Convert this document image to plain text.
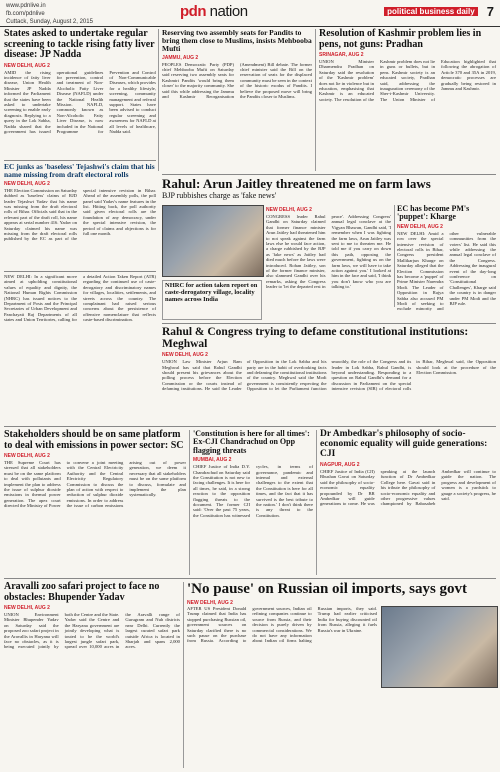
www.pdnlive.in
fb.com/pdnlive
Cuttack, Sunday, August 2, 2015
pdn nation	political business daily 7
States asked to undertake regular screening to tackle rising fatty liver disease: JP Nadda
NEW DELHI, AUG 2

AMID the rising incidence of fatty liver disease, Union Health Minister JP Nadda informed the Parliament that the states have been asked to undertake screening to enable early diagnosis. Replying to a query in the Lok Sabha, Nadda shared that the government has issued operational guidelines for prevention, control and treatment of Non-Alcoholic Fatty Liver Disease (NAFLD) under the National Health Mission. NAFLD, commonly known as Non-Alcoholic Fatty Liver Disease, is now included in the National Programme for Prevention and Control of Non-Communicable Diseases, which provides for a healthy lifestyle, screening, community management and referral support. States have been advised to conduct regular screening and awareness for NAFLD at all levels of healthcare, Nadda said.

Reserving two assembly seats for Pandits to bring them close to Muslims, insists Mehbooba Mufti
JAMMU, AUG 2

PEOPLES Democratic Party (PDP) chief Mehbooba Mufti on Saturday said reserving two assembly seats for Kashmiri Pandits 'would bring them closer' to the majority community. She said this while addressing the Jammu and Kashmir Reorganisation (Amendment) Bill debate. The former chief minister said the Bill on the reservation of seats for the displaced community must be seen in the context of the historic exodus of Pandits. I believe the proposed move will bring the Pandits closer to Muslims.

Resolution of Kashmir problem lies in pens, not guns: Pradhan
SRINAGAR, AUG 2

UNION Minister Dharmendra Pradhan on Saturday said the resolution of the 'Kashmir problem' does not lie in violence but in education, emphasising that Kashmir is an educated society. The resolution of the Kashmir problem does not lie in guns or bullets, but in pens. Kashmir society is an educated society, Pradhan said, addressing the inauguration ceremony of the Sher-i-Kashmir University. The Union Minister of Education highlighted that following the abrogation of Article 370 and 35A in 2019, democratic processes are gradually being restored in Jammu and Kashmir.

EC junks as 'baseless' Tejashwi's claim that his name missing from draft electoral rolls
NEW DELHI, AUG 2

THE Election Commission on Saturday dubbed as 'baseless' claims of RJD leader Tejashwi Yadav that his name was missing from the draft electoral rolls of Bihar. Officials said that in the relevant part of the draft roll, his name appears at serial number 416. Yadav on Saturday claimed his name was missing from the draft electoral rolls published by the EC as part of the special intensive revision in Bihar. Ahead of the assembly polls, the poll panel said Yadav's name features in the list. Hitting back, the poll authority said given electoral rolls are the foundation of any democracy, under the special intensive revision, the period of claims and objections is for full one month.

Rahul: Arun Jaitley threatened me on farm laws
BJP rubbishes charge as 'fake news'
NEW DELHI, AUG 2

CONGRESS leader Rahul Gandhi on Saturday claimed that former finance minister Arun Jaitley had threatened him to not speak against the farm laws else he would face action, a charge rubbished by the BJP as 'fake news' as Jaitley had died much before the laws were introduced. Rohan Jaitley, son of the former finance minister, also slammed Gandhi over his remarks, asking the Congress leader to 'let the departed rest in peace'. Addressing Congress' annual legal conclave at the Vigyan Bhawan, Gandhi said, 'I remember when I was fighting the farm laws, Arun Jaitley was sent to me to threaten me. He told me if you carry on down this path, opposing the government, fighting us on the farm laws, we will have to take action against you.' I looked at him in the face and said, 'I think you don't know who you are talking to.'

EC has become PM's 'puppet': Kharge
NEW DELHI, AUG 2

NEW DELHI: Amid a row over the special intensive revision of electoral rolls in Bihar, Congress president Mallikarjun Kharge on Saturday alleged that the Election Commission has become a 'puppet' of Prime Minister Narendra Modi. The Leader of Opposition in Rajya Sabha also accused PM Modi of seeking to exclude minority and other vulnerable communities from the voters' list. He said this while addressing the annual legal conclave of the Congress. Addressing the inaugural event of the day-long conference on 'Constitutional Challenges', Kharge said the country is in danger under PM Modi and the BJP rule.

NHRC for action taken report on caste-derogatory village, locality names across India

NEW DELHI: In a significant move aimed at upholding constitutional values of equality and dignity, the National Human Rights Commission (NHRC) has issued notices to the Department of Posts and the Principal Secretaries of Urban Development and Panchayati Raj Departments of all states and Union Territories, calling for a detailed Action Taken Report (ATR) regarding the continued use of caste-derogatory and discriminatory names for villages, localities, settlements, and streets across the country. The complainant had raised serious concerns about the persistence of offensive nomenclature that reflects caste-based discrimination.

Rahul & Congress trying to defame constitutional institutions: Meghwal
NEW DELHI, AUG 2

UNION Law Minister Arjun Ram Meghwal has said that Rahul Gandhi should present his grievances about the polling process before the Election Commission or the courts instead of defaming institutions. He said the Leader of Opposition in the Lok Sabha and his party are in the habit of overlooking facts and defaming the constitutional institutions of the country. Meghwal said the Modi government is consistently respecting the Opposition to let the Parliament function smoothly, the role of the Congress and its leader in Lok Sabha, Rahul Gandhi, is beyond understanding. Responding to a question on Rahul Gandhi's demand for a discussion in Parliament on the special intensive revision (SIR) of electoral rolls in Bihar, Meghwal said, the Opposition should look at the procedure of the Election Commission.

Stakeholders should be on same platform to deal with emissions in power sector: SC
NEW DELHI, AUG 2

THE Supreme Court has stressed that all stakeholders must be on the same platform to deal with pollutants and implement the plan to address the issue of sulphur dioxide emissions in thermal power generation. The apex court directed the Ministry of Power to convene a joint meeting with the Central Electricity Authority and the Central Electricity Regulatory Commission to discuss the plan of action with respect to reduction of sulphur dioxide emissions. In order to address the issue of carbon emissions arising out of power generation, we deem it necessary that all stakeholders must be on the same platform to discuss, formulate and implement the plan systematically.

'Constitution is here for all times': Ex-CJI Chandrachud on Opp flagging threats
MUMBAI, AUG 2

CHIEF Justice of India D.Y. Chandrachud on Saturday said the Constitution is not new to facing challenges. It is here for all times, he said, in a strong reaction to the opposition flagging threats to the document. The former CJI said: 'Over the past 75 years, the Constitution has witnessed cycles, in terms of governance, pandemic and internal and external challenges to the extent that the Constitution is here for all times, and the fact that it has survived is the best tribute to the nation.' I don't think there is any threat to the Constitution.

Dr Ambedkar's philosophy of socio-economic equality will guide generations: CJI
NAGPUR, AUG 2

CHIEF Justice of India (CJI) Bhushan Gavai on Saturday said the philosophy of socio-economic equality propounded by Dr BR Ambedkar will guide generations to come. He was speaking at the launch function of Dr Ambedkar College here. Gavai said in his tribute the philosophy of socio-economic equality and other progressive values championed by Babasaheb Ambedkar will continue to guide the nation. The progress and development of women is a yardstick to gauge a society's progress, he said.

Aravalli zoo safari project to face no obstacles: Bhupender Yadav
NEW DELHI, AUG 2

UNION Environment Minister Bhupender Yadav on Saturday said the proposed zoo safari project in the Aravallis in Haryana will face no obstacles, as it is being executed jointly by both the Centre and the State. Yadav said the Centre and the Haryana government are jointly developing what is touted to be the world's largest jungle safari park, spread over 10,000 acres in the Aravalli range of Gurugram and Nuh districts near Delhi. Currently the largest curated safari park outside Africa is located in Sharjah and spans 2,000 acres.

'No pause' on Russian oil imports, says govt
NEW DELHI, AUG 2

AFTER US President Donald Trump claimed that India has stopped purchasing Russian oil, government sources on Saturday clarified there is no such pause on the purchase from Russia. According to government sources, Indian oil refining companies continue to source from Russia, and their decision is purely driven by commercial considerations. We do not have any information about Indian oil firms halting Russian imports, they said. Trump had earlier criticised India for buying discounted oil from Russia, alleging it fuels Russia's war in Ukraine.
